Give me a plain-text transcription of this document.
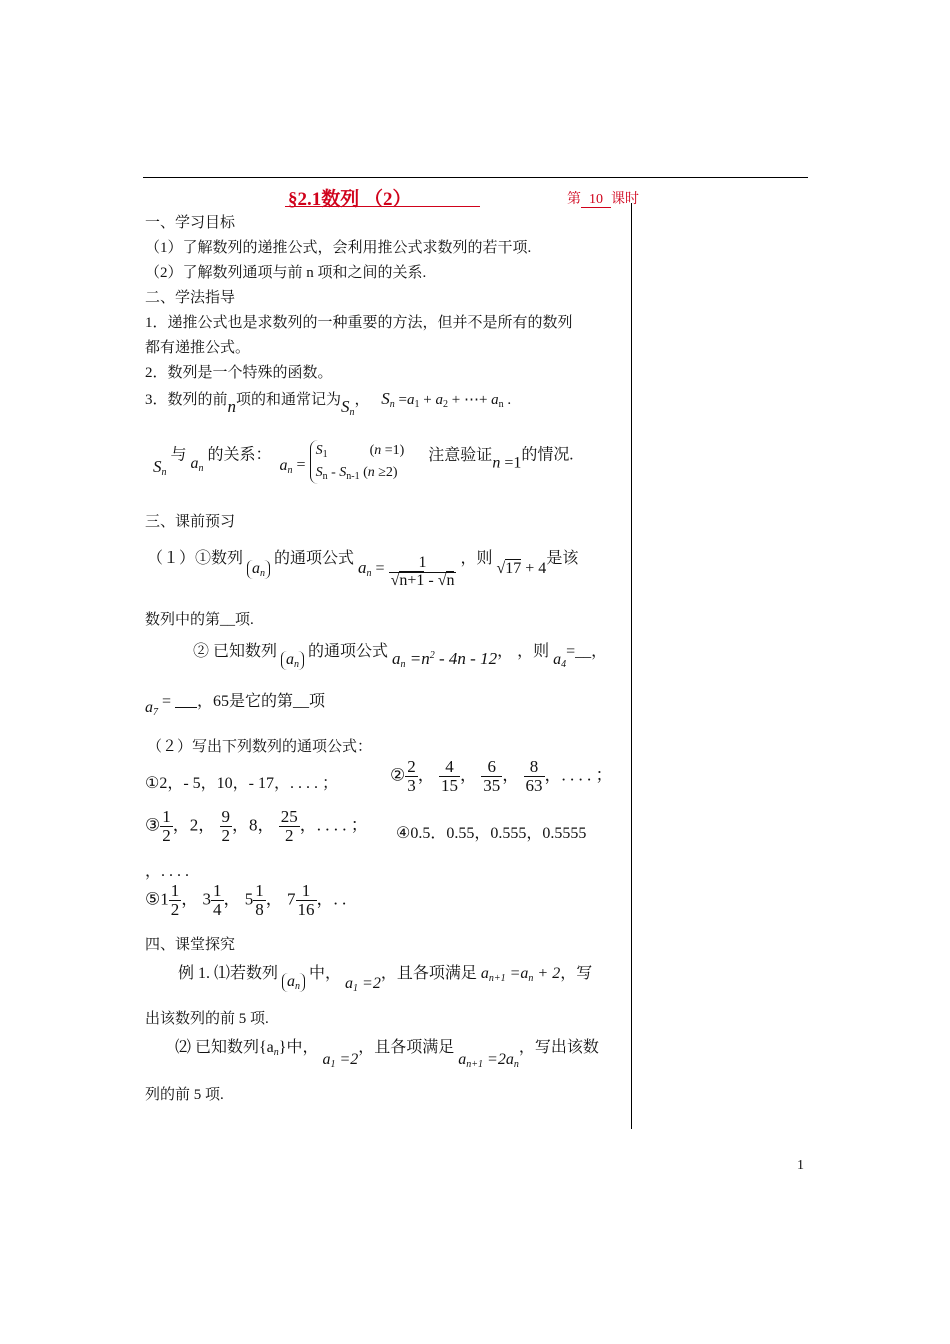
§2.1数列 （2）	第 10 课时
一、学习目标
（1）了解数列的递推公式，会利用推公式求数列的若干项.
（2）了解数列通项与前 n 项和之间的关系.
二、学法指导
1．递推公式也是求数列的一种重要的方法，但并不是所有的数列
都有递推公式。
2．数列是一个特殊的函数。
3．数列的前n项的和通常记为$S_n$， $S_n =a_1 + a_2$ + ⋯+ $a_n$ .
$S_n$ 与 $a_n$ 的关系： $a_n = S_1$            (n =1)
$S_n - S_{n-1}$ (n ≥2) 注意验证n =1的情况.
三、课前预习
（１）①数列 $a_n$ 的通项公式 $a_n = \frac{1}{√n+1 - √n}$ ，则 √17 + 4是该
数列中的第__项.
② 已知数列 $a_n$ 的通项公式 $a_n =n^2 - 4n - 12$， ，则 $a_4=\_\_$，
$a_7$ = ，65是它的第__项
（２）写出下列数列的通项公式：
①2，- 5，10，- 17，. . . . ；	② $\frac{2}{3}$ ， $\frac{4}{15}$ ， $\frac{6}{35}$ ， $\frac{8}{63}$ ，. . . . ；
③ $\frac{1}{2}$ ，2， $\frac{9}{2}$ ，8， $\frac{25}{2}$ ，. . . . ； ④0.5．0.55，0.555，0.5555
，. . . .
⑤1 $\frac{1}{2}$ ， $3 \frac{1}{4}$ ， $5 \frac{1}{8}$ ， $7 \frac{1}{16}$ ，. .
四、课堂探究
例 1. ⑴若数列 $a_n$ 中， $a_1 =2$，且各项满足 $a_{n+1} =a_n + 2$，写
出该数列的前 5 项.
⑵ 已知数列$\{a_n\}$中， $a_1 =2$，且各项满足 $a_{n+1} =2a_n$，写出该数
列的前 5 项.
1
